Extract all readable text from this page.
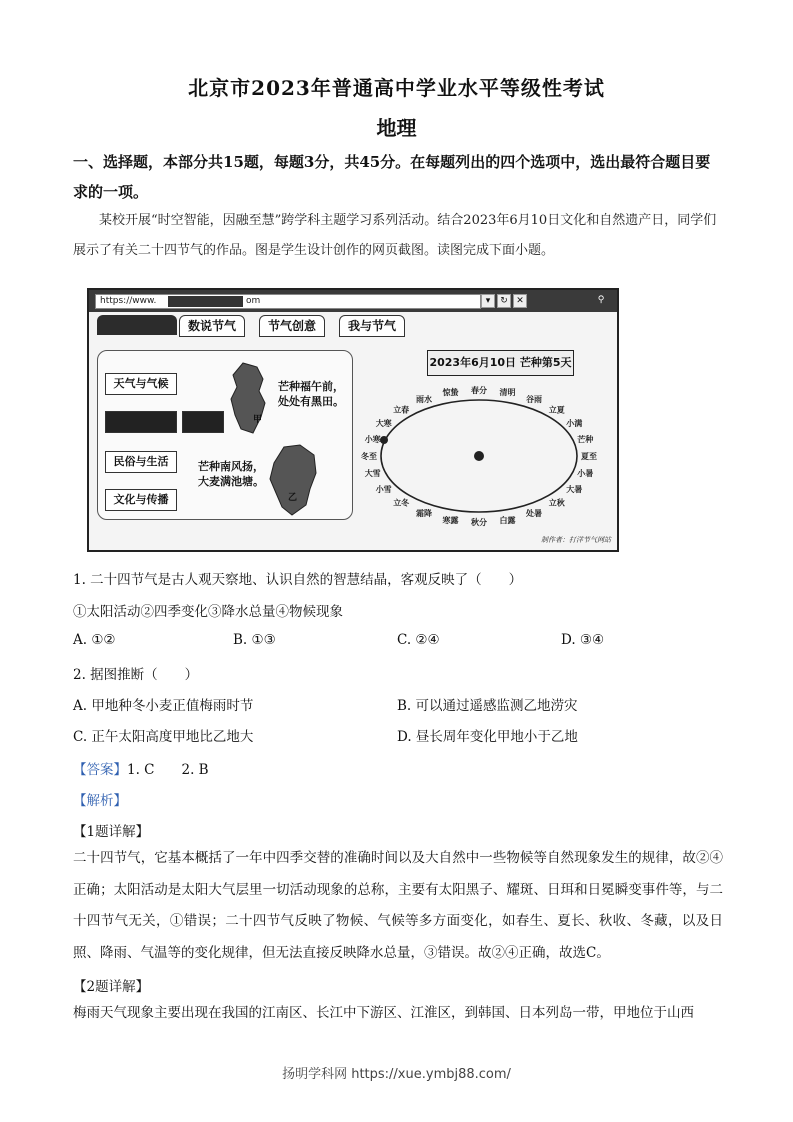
北京市2023年普通高中学业水平等级性考试
地理
一、选择题，本部分共15题，每题3分，共45分。在每题列出的四个选项中，选出最符合题目要求的一项。
某校开展“时空智能，因融至慧”跨学科主题学习系列活动。结合2023年6月10日文化和自然遗产日，同学们展示了有关二十四节气的作品。图是学生设计创作的网页截图。读图完成下面小题。
https://www.	om	▾	↻ ✕	⚲
数说节气	节气创意	我与节气
天气与气候
民俗与生活
文化与传播
甲
芒种福午前，处处有黑田。
乙
芒种南风扬，大麦满池塘。
2023年6月10日 芒种第5天
立夏
谷雨
清明
春分
惊蛰
雨水
立春
大寒
小寒
冬至
大雪
小雪
立冬
霜降
寒露 秋分 白露
处暑
立秋
大暑
小暑
夏至
芒种
小满
制作者：打洋节气网站
1. 二十四节气是古人观天察地、认识自然的智慧结晶，客观反映了（　　）
①太阳活动②四季变化③降水总量④物候现象
A. ①②	B. ①③	C. ②④	D. ③④
2. 据图推断（　　）
A. 甲地种冬小麦正值梅雨时节	B. 可以通过遥感监测乙地涝灾
C. 正午太阳高度甲地比乙地大	D. 昼长周年变化甲地小于乙地
【答案】1. C　　2. B
【解析】
【1题详解】
二十四节气，它基本概括了一年中四季交替的准确时间以及大自然中一些物候等自然现象发生的规律，故②④正确；太阳活动是太阳大气层里一切活动现象的总称，主要有太阳黑子、耀斑、日珥和日冕瞬变事件等，与二十四节气无关，①错误；二十四节气反映了物候、气候等多方面变化，如春生、夏长、秋收、冬藏，以及日照、降雨、气温等的变化规律，但无法直接反映降水总量，③错误。故②④正确，故选C。
【2题详解】
梅雨天气现象主要出现在我国的江南区、长江中下游区、江淮区，到韩国、日本列岛一带，甲地位于山西
扬明学科网 https://xue.ymbj88.com/
